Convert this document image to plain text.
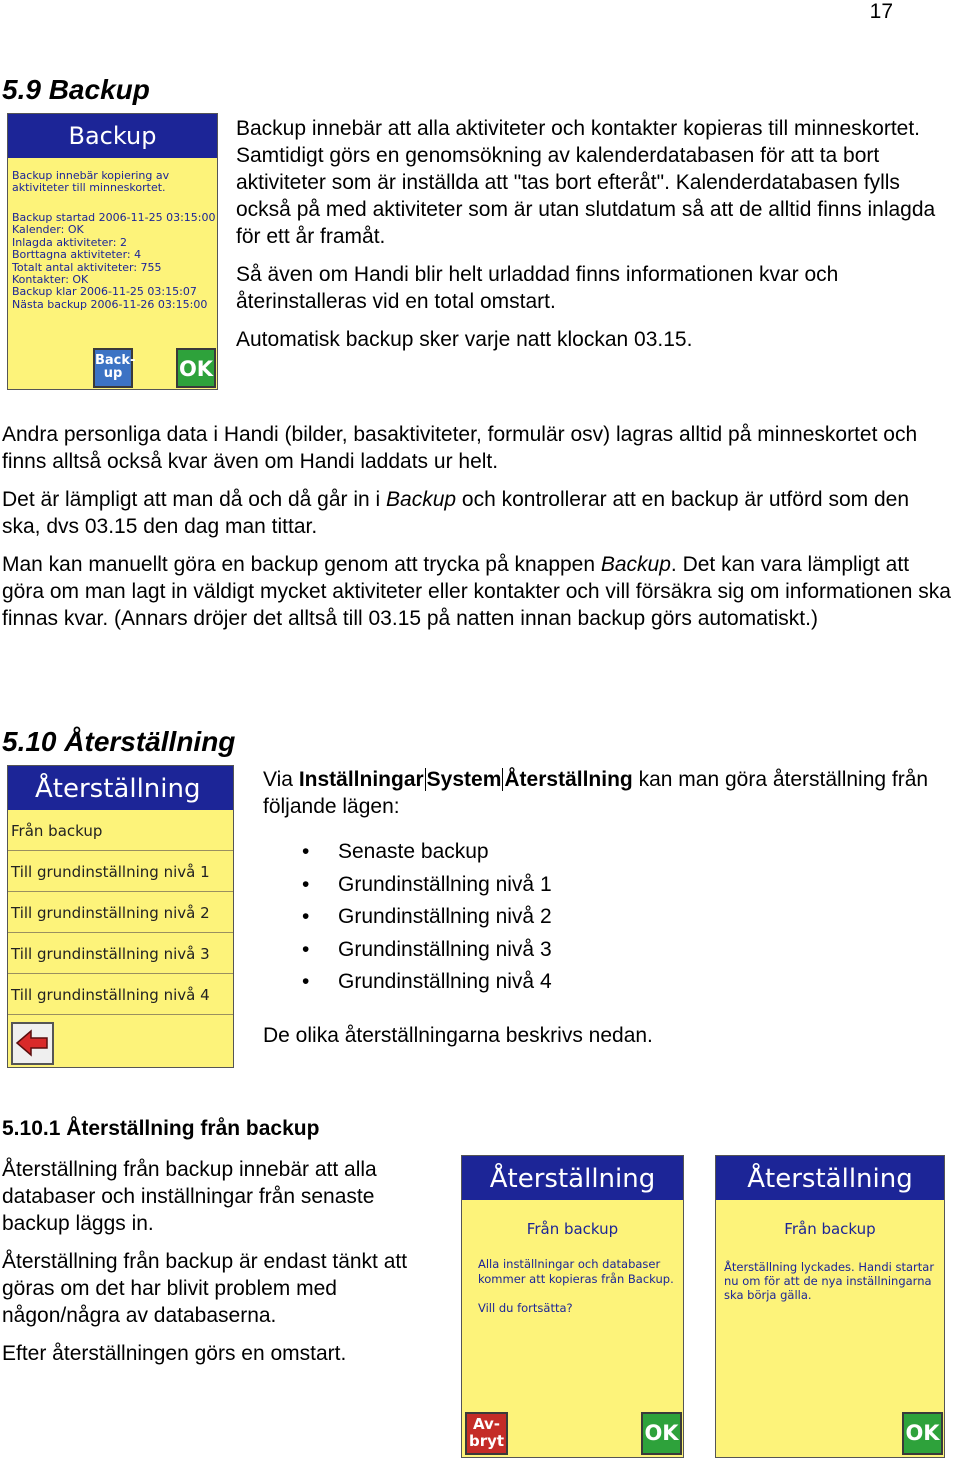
17
5.9 Backup
Backup
Backup innebär kopiering av aktiviteter till minneskortet.
Backup startad 2006-11-25 03:15:00
Kalender: OK
Inlagda aktiviteter: 2
Borttagna aktiviteter: 4
Totalt antal aktiviteter: 755
Kontakter: OK
Backup klar 2006-11-25 03:15:07
Nästa backup 2006-11-26 03:15:00
Back-
up	OK

Backup innebär att alla aktiviteter och kontakter kopieras till minneskortet. Samtidigt görs en genomsökning av kalenderdatabasen för att ta bort aktiviteter som är inställda att "tas bort efteråt". Kalenderdatabasen fylls också på med aktiviteter som är utan slutdatum så att de alltid finns inlagda för ett år framåt.

Så även om Handi blir helt urladdad finns informationen kvar och återinstalleras vid en total omstart.

Automatisk backup sker varje natt klockan 03.15.

Andra personliga data i Handi (bilder, basaktiviteter, formulär osv) lagras alltid på minneskortet och finns alltså också kvar även om Handi laddats ur helt.

Det är lämpligt att man då och då går in i Backup och kontrollerar att en backup är utförd som den ska, dvs 03.15 den dag man tittar.

Man kan manuellt göra en backup genom att trycka på knappen Backup. Det kan vara lämpligt att göra om man lagt in väldigt mycket aktiviteter eller kontakter och vill försäkra sig om informationen ska finnas kvar. (Annars dröjer det alltså till 03.15 på natten innan backup görs automatiskt.)

5.10 Återställning
Återställning
Från backup
Till grundinställning nivå 1
Till grundinställning nivå 2
Till grundinställning nivå 3
Till grundinställning nivå 4

Via Inställningar System Återställning kan man göra återställning från följande lägen:

• Senaste backup
• Grundinställning nivå 1
• Grundinställning nivå 2
• Grundinställning nivå 3
• Grundinställning nivå 4

De olika återställningarna beskrivs nedan.

5.10.1 Återställning från backup

Återställning från backup innebär att alla databaser och inställningar från senaste backup läggs in.

Återställning från backup är endast tänkt att göras om det har blivit problem med någon/några av databaserna.

Efter återställningen görs en omstart.

Återställning
Från backup
Alla inställningar och databaser kommer att kopieras från Backup.
Vill du fortsätta?
Av-
bryt	OK
Återställning
Från backup
Återställning lyckades. Handi startar nu om för att de nya inställningarna ska börja gälla.
OK
